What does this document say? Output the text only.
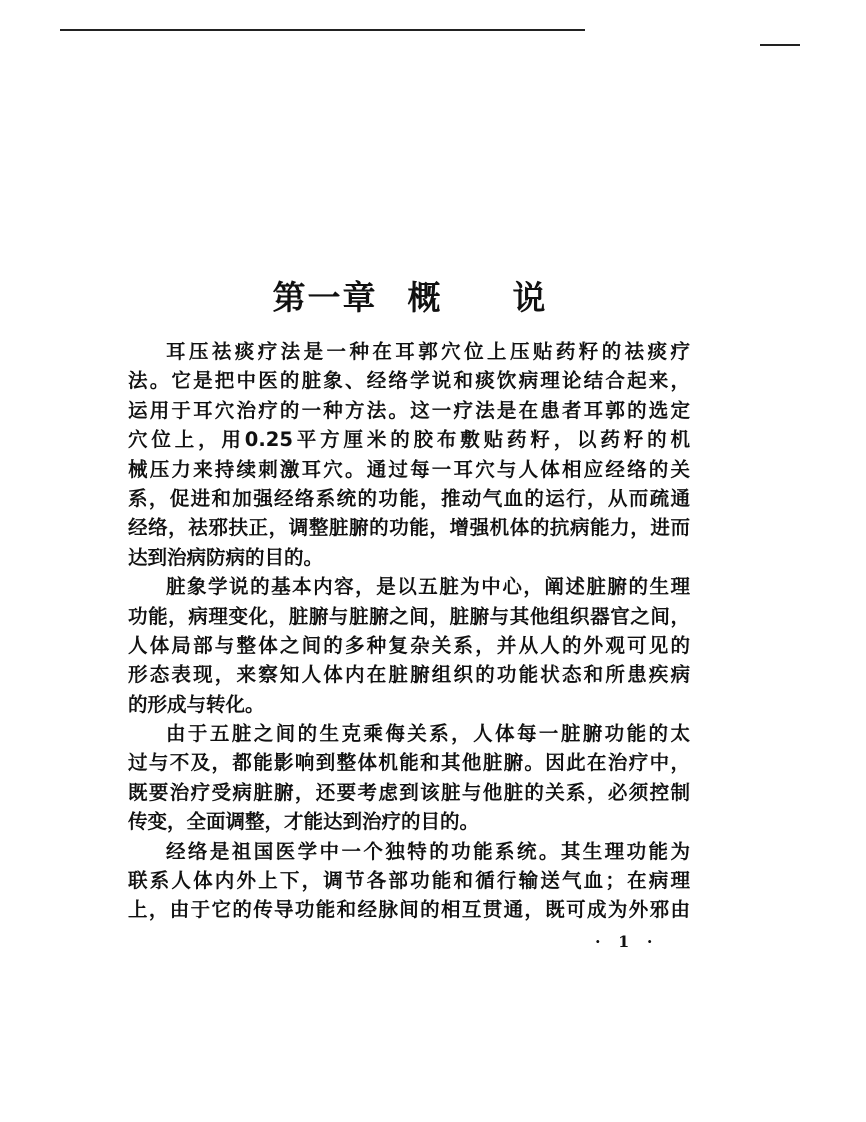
第一章 概 说
耳压祛痰疗法是一种在耳郭穴位上压贴药籽的祛痰疗
法。它是把中医的脏象、经络学说和痰饮病理论结合起来，
运用于耳穴治疗的一种方法。这一疗法是在患者耳郭的选定
穴位上，用0.25平方厘米的胶布敷贴药籽，以药籽的机
械压力来持续刺激耳穴。通过每一耳穴与人体相应经络的关
系，促进和加强经络系统的功能，推动气血的运行，从而疏通
经络，祛邪扶正，调整脏腑的功能，增强机体的抗病能力，进而
达到治病防病的目的。
脏象学说的基本内容，是以五脏为中心，阐述脏腑的生理
功能，病理变化，脏腑与脏腑之间，脏腑与其他组织器官之间，
人体局部与整体之间的多种复杂关系，并从人的外观可见的
形态表现，来察知人体内在脏腑组织的功能状态和所患疾病
的形成与转化。
由于五脏之间的生克乘侮关系，人体每一脏腑功能的太
过与不及，都能影响到整体机能和其他脏腑。因此在治疗中，
既要治疗受病脏腑，还要考虑到该脏与他脏的关系，必须控制
传变，全面调整，才能达到治疗的目的。
经络是祖国医学中一个独特的功能系统。其生理功能为
联系人体内外上下，调节各部功能和循行输送气血；在病理
上，由于它的传导功能和经脉间的相互贯通，既可成为外邪由
· 1 ·
